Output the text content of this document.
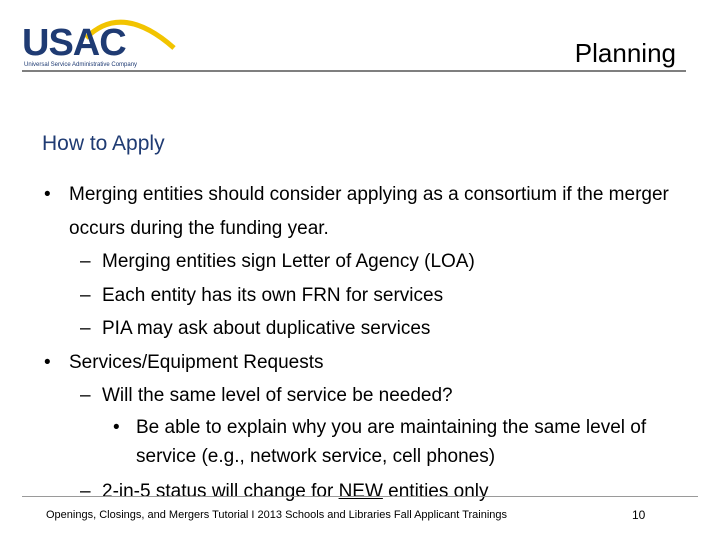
USAC
Universal Service Administrative Company	Planning
How to Apply
• Merging entities should consider applying as a consortium if the merger occurs during the funding year.
– Merging entities sign Letter of Agency (LOA)
– Each entity has its own FRN for services
– PIA may ask about duplicative services
• Services/Equipment Requests
– Will the same level of service be needed?
• Be able to explain why you are maintaining the same level of service (e.g., network service, cell phones)
– 2-in-5 status will change for NEW entities only
Openings, Closings, and Mergers Tutorial I 2013 Schools and Libraries Fall Applicant Trainings	10
